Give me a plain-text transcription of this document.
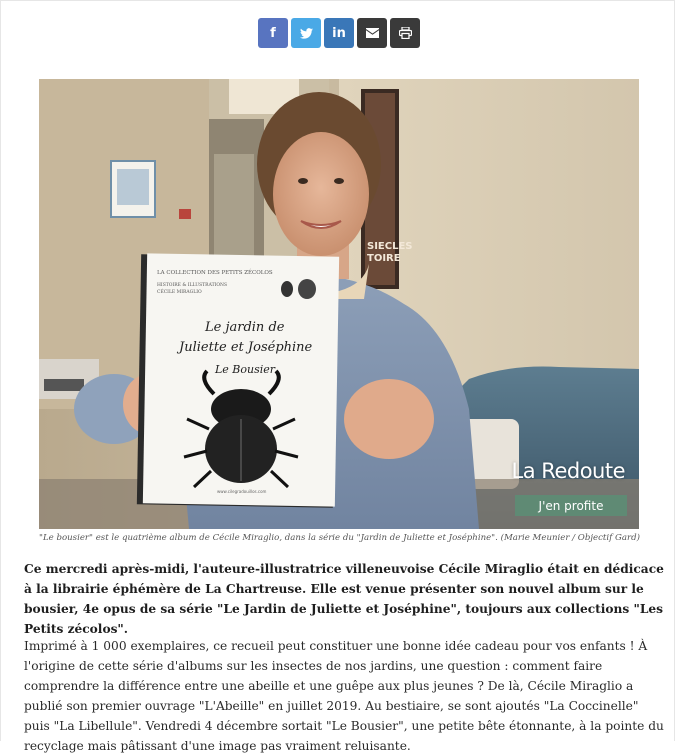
f	in
SIECLES
TOIRE
LA COLLECTION DES PETITS ZÉCOLOS
HISTOIRE & ILLUSTRATIONS
CÉCILE MIRAGLIO
Le jardin de
Juliette et Joséphine
Le Bousier
www.cilegradouillos.com
La Redoute
J'en profite
"Le bousier" est le quatrième album de Cécile Miraglio, dans la série du "Jardin de Juliette et Joséphine". (Marie Meunier / Objectif Gard)

Ce mercredi après-midi, l'auteure-illustratrice villeneuvoise Cécile Miraglio était en dédicace à la librairie éphémère de La Chartreuse. Elle est venue présenter son nouvel album sur le bousier, 4e opus de sa série "Le Jardin de Juliette et Joséphine", toujours aux collections "Les Petits zécolos".

Imprimé à 1 000 exemplaires, ce recueil peut constituer une bonne idée cadeau pour vos enfants ! À l'origine de cette série d'albums sur les insectes de nos jardins, une question : comment faire comprendre la différence entre une abeille et une guêpe aux plus jeunes ? De là, Cécile Miraglio a publié son premier ouvrage "L'Abeille" en juillet 2019. Au bestiaire, se sont ajoutés "La Coccinelle" puis "La Libellule". Vendredi 4 décembre sortait "Le Bousier", une petite bête étonnante, à la pointe du recyclage mais pâtissant d'une image pas vraiment reluisante.
